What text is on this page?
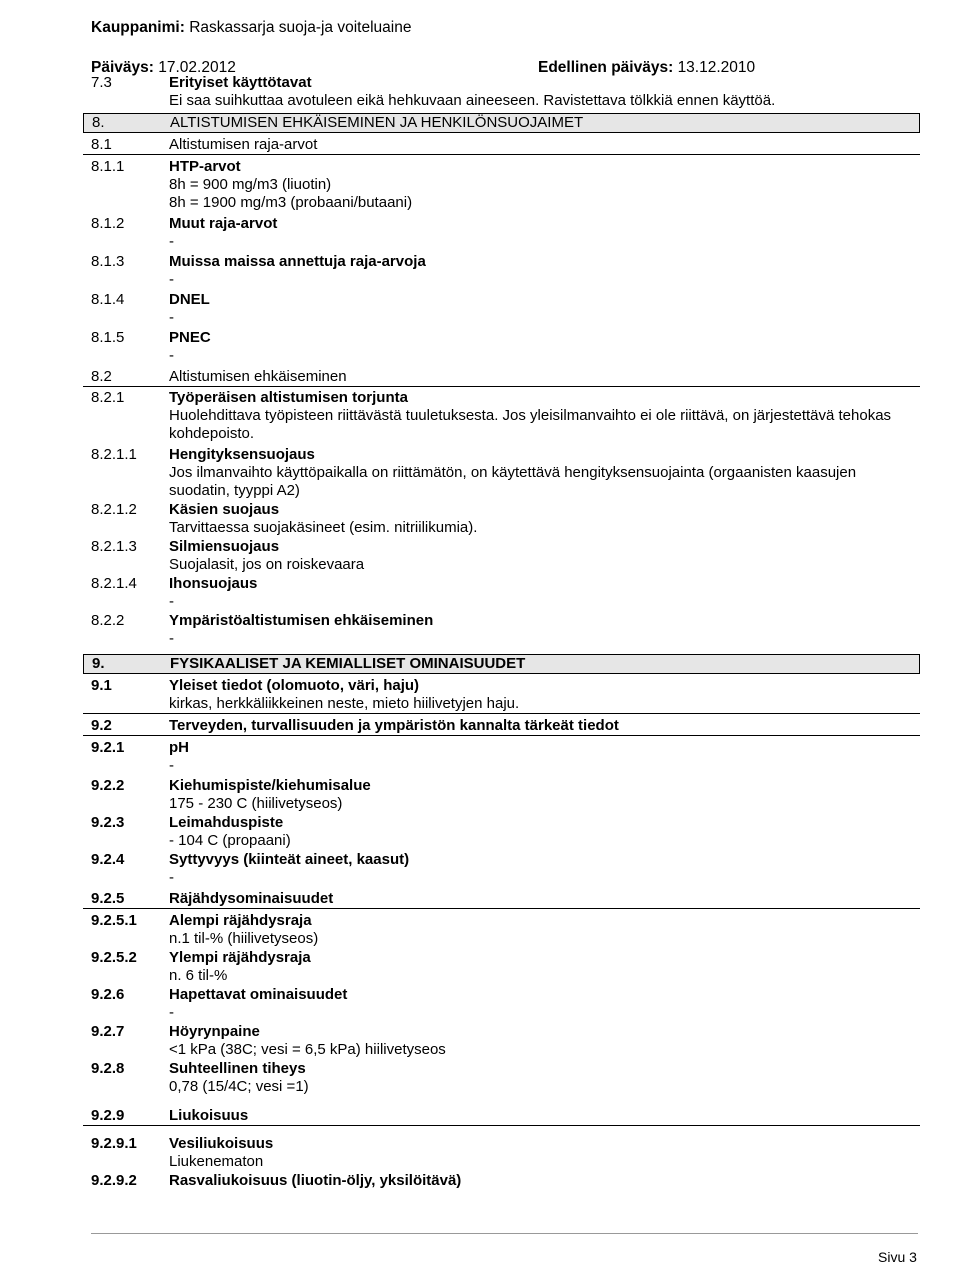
Kauppanimi: Raskassarja suoja-ja voiteluaine
Päiväys: 17.02.2012	Edellinen päiväys: 13.12.2010
7.3	Erityiset käyttötavat
Ei saa suihkuttaa avotuleen eikä hehkuvaan aineeseen. Ravistettava tölkkiä ennen käyttöä.
8.	ALTISTUMISEN EHKÄISEMINEN JA HENKILÖNSUOJAIMET
8.1	Altistumisen raja-arvot
8.1.1	HTP-arvot
8h = 900 mg/m3 (liuotin)
8h = 1900 mg/m3 (probaani/butaani)
8.1.2	Muut raja-arvot
-
8.1.3	Muissa maissa annettuja raja-arvoja
-
8.1.4	DNEL
-
8.1.5	PNEC
-
8.2	Altistumisen ehkäiseminen
8.2.1	Työperäisen altistumisen torjunta
Huolehdittava työpisteen riittävästä tuuletuksesta. Jos yleisilmanvaihto ei ole riittävä, on järjestettävä tehokas kohdepoisto.
8.2.1.1 Hengityksensuojaus
Jos ilmanvaihto käyttöpaikalla on riittämätön, on käytettävä hengityksensuojainta (orgaanisten kaasujen suodatin, tyyppi A2)
8.2.1.2 Käsien suojaus
Tarvittaessa suojakäsineet (esim. nitriilikumia).
8.2.1.3 Silmiensuojaus
Suojalasit, jos on roiskevaara
8.2.1.4 Ihonsuojaus
-
8.2.2	Ympäristöaltistumisen ehkäiseminen
-
9.	FYSIKAALISET JA KEMIALLISET OMINAISUUDET
9.1	Yleiset tiedot (olomuoto, väri, haju)
kirkas, herkkäliikkeinen neste, mieto hiilivetyjen haju.
9.2	Terveyden, turvallisuuden ja ympäristön kannalta tärkeät tiedot
9.2.1	pH
-
9.2.2	Kiehumispiste/kiehumisalue
175 - 230 C (hiilivetyseos)
9.2.3	Leimahduspiste
- 104 C (propaani)
9.2.4	Syttyvyys (kiinteät aineet, kaasut)
-
9.2.5	Räjähdysominaisuudet
9.2.5.1 Alempi räjähdysraja
n.1 til-% (hiilivetyseos)
9.2.5.2 Ylempi räjähdysraja
n. 6 til-%
9.2.6	Hapettavat ominaisuudet
-
9.2.7	Höyrynpaine
<1 kPa (38C; vesi = 6,5 kPa) hiilivetyseos
9.2.8	Suhteellinen tiheys
0,78 (15/4C; vesi =1)
9.2.9	Liukoisuus
9.2.9.1 Vesiliukoisuus
Liukenematon
9.2.9.2 Rasvaliukoisuus (liuotin-öljy, yksilöitävä)
Sivu 3
